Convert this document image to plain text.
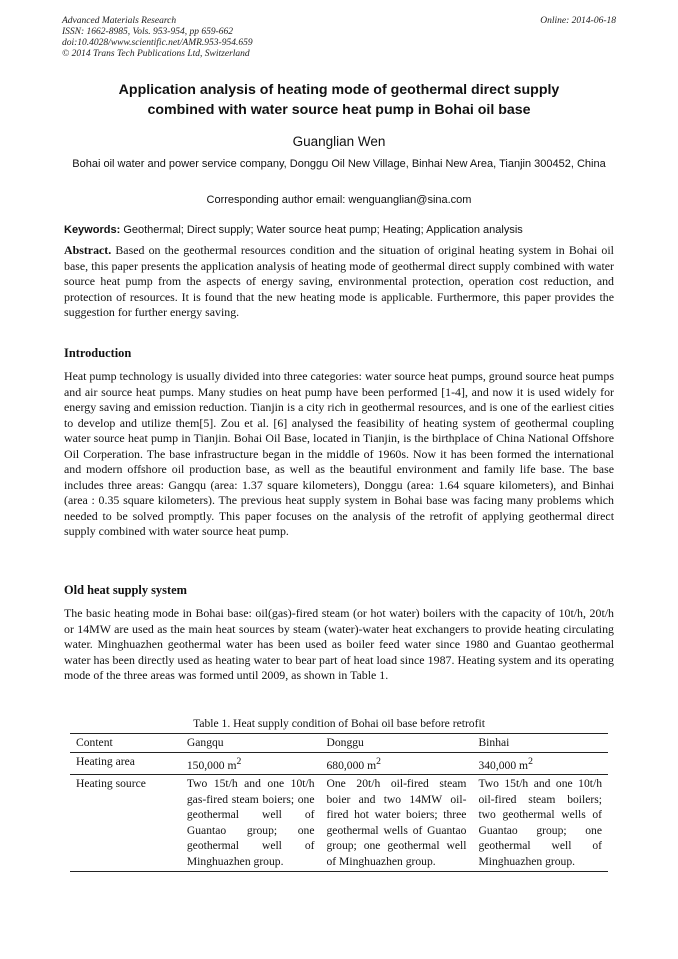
Advanced Materials Research
ISSN: 1662-8985, Vols. 953-954, pp 659-662
doi:10.4028/www.scientific.net/AMR.953-954.659
© 2014 Trans Tech Publications Ltd, Switzerland
Online: 2014-06-18
Application analysis of heating mode of geothermal direct supply
combined with water source heat pump in Bohai oil base
Guanglian Wen
Bohai oil water and power service company, Donggu Oil New Village, Binhai New Area, Tianjin 300452, China
Corresponding author email: wenguanglian@sina.com
Keywords: Geothermal; Direct supply; Water source heat pump; Heating; Application analysis

Abstract. Based on the geothermal resources condition and the situation of original heating system in Bohai oil base, this paper presents the application analysis of heating mode of geothermal direct supply combined with water source heat pump from the aspects of energy saving, environmental protection, operation cost reduction, and protection of resources. It is found that the new heating mode is applicable. Furthermore, this paper provides the suggestion for further energy saving.

Introduction

Heat pump technology is usually divided into three categories: water source heat pumps, ground source heat pumps and air source heat pumps. Many studies on heat pump have been performed [1-4], and now it is used widely for energy saving and emission reduction. Tianjin is a city rich in geothermal resources, and is one of the earliest cities to develop and utilize them[5]. Zou et al. [6] analysed the feasibility of heating system of geothermal coupling water source heat pump in Tianjin. Bohai Oil Base, located in Tianjin, is the birthplace of China National Offshore Oil Corperation. The base infrastructure began in the middle of 1960s. Now it has been formed the international and modern offshore oil production base, as well as the beautiful environment and family life base. The base includes three areas: Gangqu (area: 1.37 square kilometers), Donggu (area: 1.64 square kilometers), and Binhai (area : 0.35 square kilometers). The previous heat supply system in Bohai base was facing many problems which needed to be solved promptly. This paper focuses on the analysis of the retrofit of applying geothermal direct supply combined with water source heat pump.

Old heat supply system

The basic heating mode in Bohai base: oil(gas)-fired steam (or hot water) boilers with the capacity of 10t/h, 20t/h or 14MW are used as the main heat sources by steam (water)-water heat exchangers to provide heating circulating water. Minghuazhen geothermal water has been used as boiler feed water since 1980 and Guantao geothermal water has been directly used as heating water to bear part of heat load since 1987. Heating system and its operating mode of the three areas was formed until 2009, as shown in Table 1.

Table 1. Heat supply condition of Bohai oil base before retrofit
Content	Gangqu	Donggu	Binhai
Heating area	150,000 $m^2$	680,000 $m^2$	340,000 $m^2$
Heating source	Two 15t/h and one 10t/h gas-fired steam boiers; one geothermal well of Guantao group; one geothermal well of Minghuazhen group.	One 20t/h oil-fired steam boier and two 14MW oil-fired hot water boiers; three geothermal wells of Guantao group; one geothermal well of Minghuazhen group.	Two 15t/h and one 10t/h oil-fired steam boilers; two geothermal wells of Guantao group; one geothermal well of Minghuazhen group.
